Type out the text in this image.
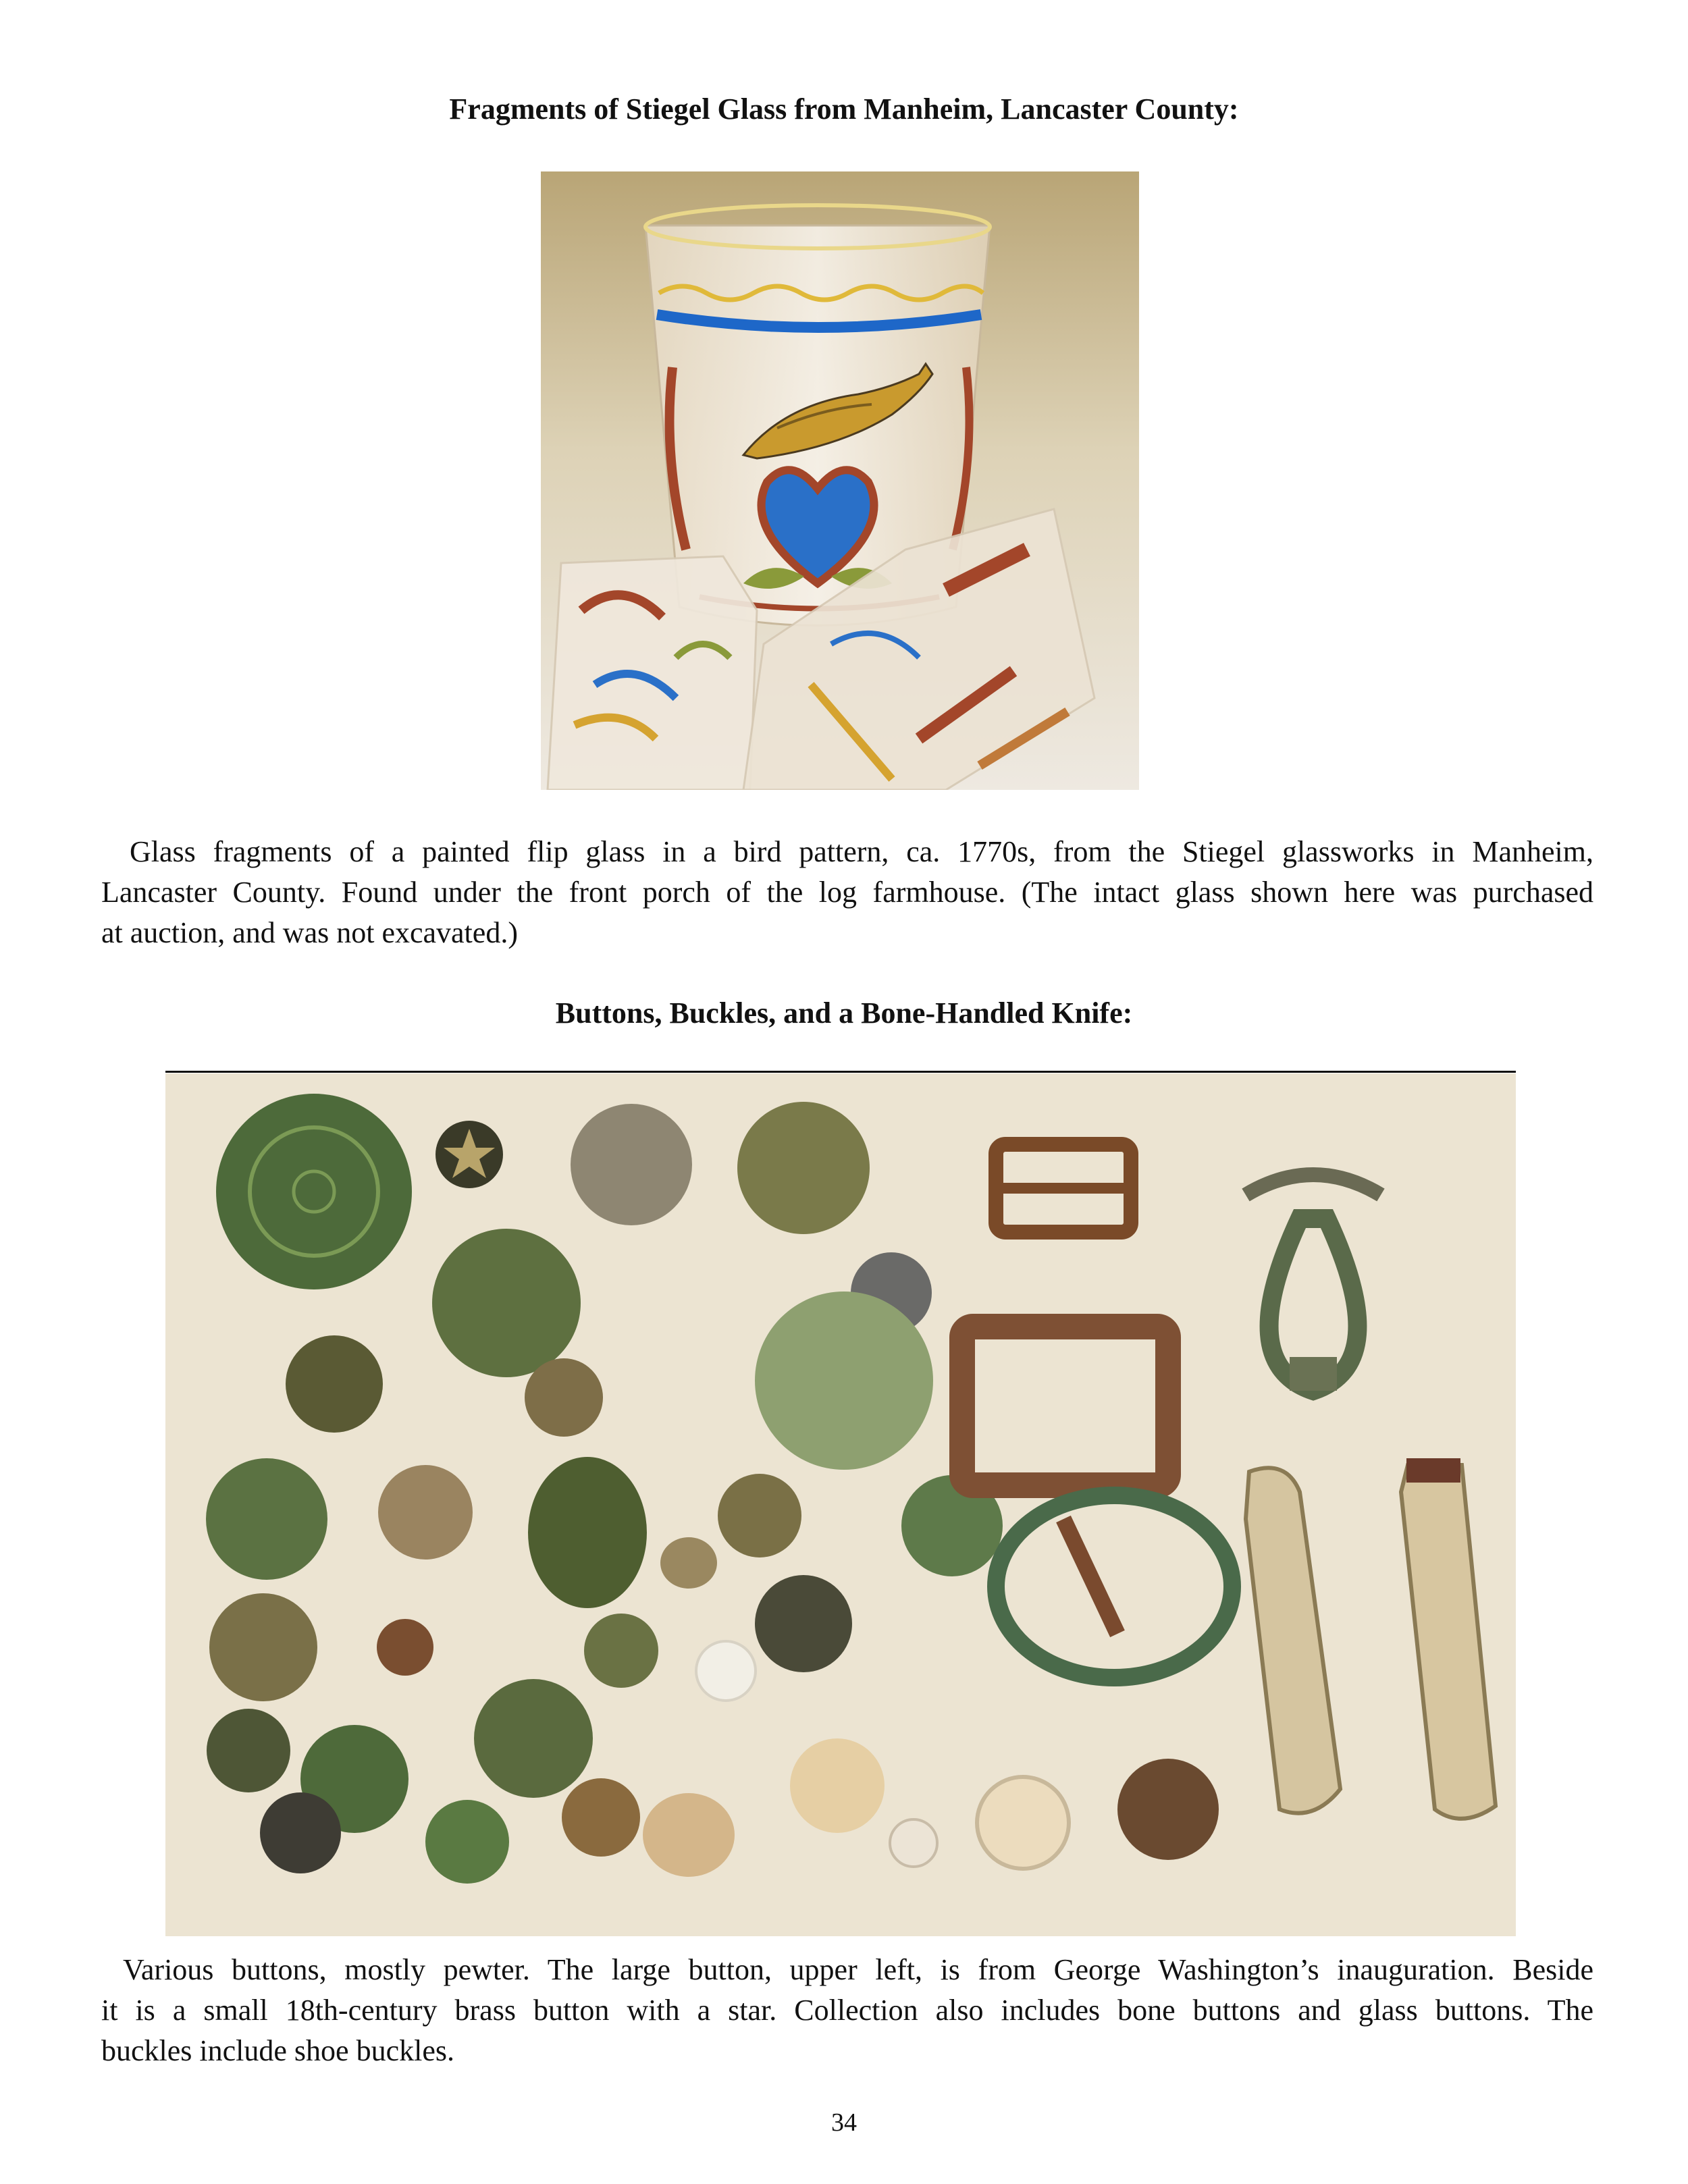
Fragments of Stiegel Glass from Manheim, Lancaster County:
Glass fragments of a painted flip glass in a bird pattern, ca. 1770s, from the Stiegel glassworks in Manheim,
Lancaster County. Found under the front porch of the log farmhouse. (The intact glass shown here was purchased
at auction, and was not excavated.)
Buttons, Buckles, and a Bone-Handled Knife:
Various buttons, mostly pewter. The large button, upper left, is from George Washington’s inauguration. Beside
it is a small 18th-century brass button with a star. Collection also includes bone buttons and glass buttons. The
buckles include shoe buckles.
34
